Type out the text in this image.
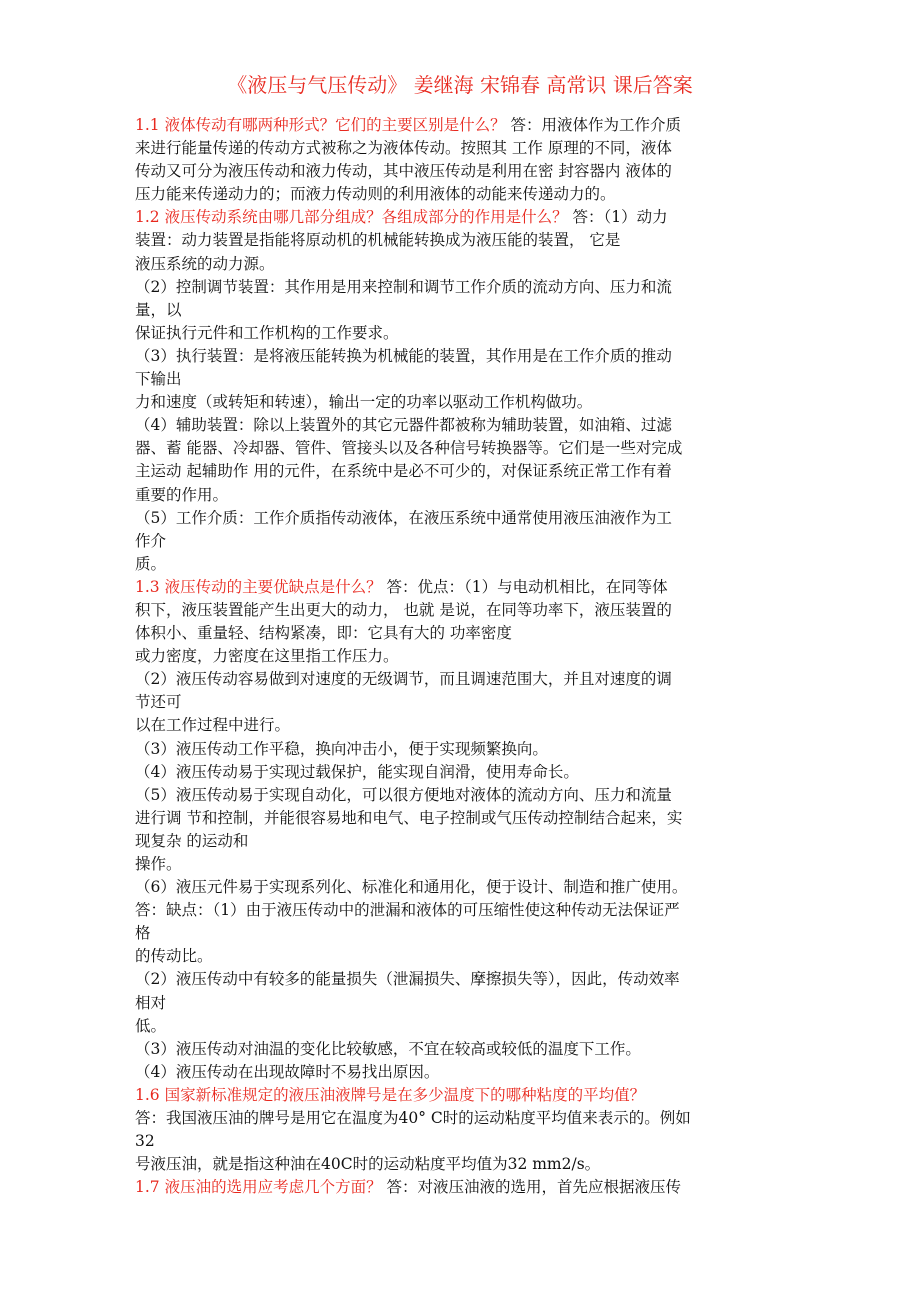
《液压与气压传动》 姜继海 宋锦春 高常识 课后答案
1.1 液体传动有哪两种形式？它们的主要区别是什么？ 答：用液体作为工作介质
来进行能量传递的传动方式被称之为液体传动。按照其 工作 原理的不同，液体
传动又可分为液压传动和液力传动，其中液压传动是利用在密 封容器内 液体的
压力能来传递动力的；而液力传动则的利用液体的动能来传递动力的。
1.2 液压传动系统由哪几部分组成？各组成部分的作用是什么？ 答：（1）动力
装置：动力装置是指能将原动机的机械能转换成为液压能的装置， 它是
液压系统的动力源。
（2）控制调节装置：其作用是用来控制和调节工作介质的流动方向、压力和流
量，以
保证执行元件和工作机构的工作要求。
（3）执行装置：是将液压能转换为机械能的装置，其作用是在工作介质的推动
下输出
力和速度（或转矩和转速），输出一定的功率以驱动工作机构做功。
（4）辅助装置：除以上装置外的其它元器件都被称为辅助装置，如油箱、过滤
器、蓄 能器、冷却器、管件、管接头以及各种信号转换器等。它们是一些对完成
主运动 起辅助作 用的元件，在系统中是必不可少的，对保证系统正常工作有着
重要的作用。
（5）工作介质：工作介质指传动液体，在液压系统中通常使用液压油液作为工
作介
质。
1.3 液压传动的主要优缺点是什么？ 答：优点：（1）与电动机相比，在同等体
积下，液压装置能产生出更大的动力， 也就 是说，在同等功率下，液压装置的
体积小、重量轻、结构紧凑，即：它具有大的 功率密度
或力密度，力密度在这里指工作压力。
（2）液压传动容易做到对速度的无级调节，而且调速范围大，并且对速度的调
节还可
以在工作过程中进行。
（3）液压传动工作平稳，换向冲击小，便于实现频繁换向。
（4）液压传动易于实现过载保护，能实现自润滑，使用寿命长。
（5）液压传动易于实现自动化，可以很方便地对液体的流动方向、压力和流量
进行调 节和控制，并能很容易地和电气、电子控制或气压传动控制结合起来，实
现复杂 的运动和
操作。
（6）液压元件易于实现系列化、标准化和通用化，便于设计、制造和推广使用。
答：缺点：（1）由于液压传动中的泄漏和液体的可压缩性使这种传动无法保证严
格
的传动比。
（2）液压传动中有较多的能量损失（泄漏损失、摩擦损失等），因此，传动效率
相对
低。
（3）液压传动对油温的变化比较敏感，不宜在较高或较低的温度下工作。
（4）液压传动在出现故障时不易找出原因。
1.6 国家新标准规定的液压油液牌号是在多少温度下的哪种粘度的平均值？
答：我国液压油的牌号是用它在温度为40° C时的运动粘度平均值来表示的。例如
32
号液压油，就是指这种油在40C时的运动粘度平均值为32 mm2/s。
1.7 液压油的选用应考虑几个方面？ 答：对液压油液的选用，首先应根据液压传
